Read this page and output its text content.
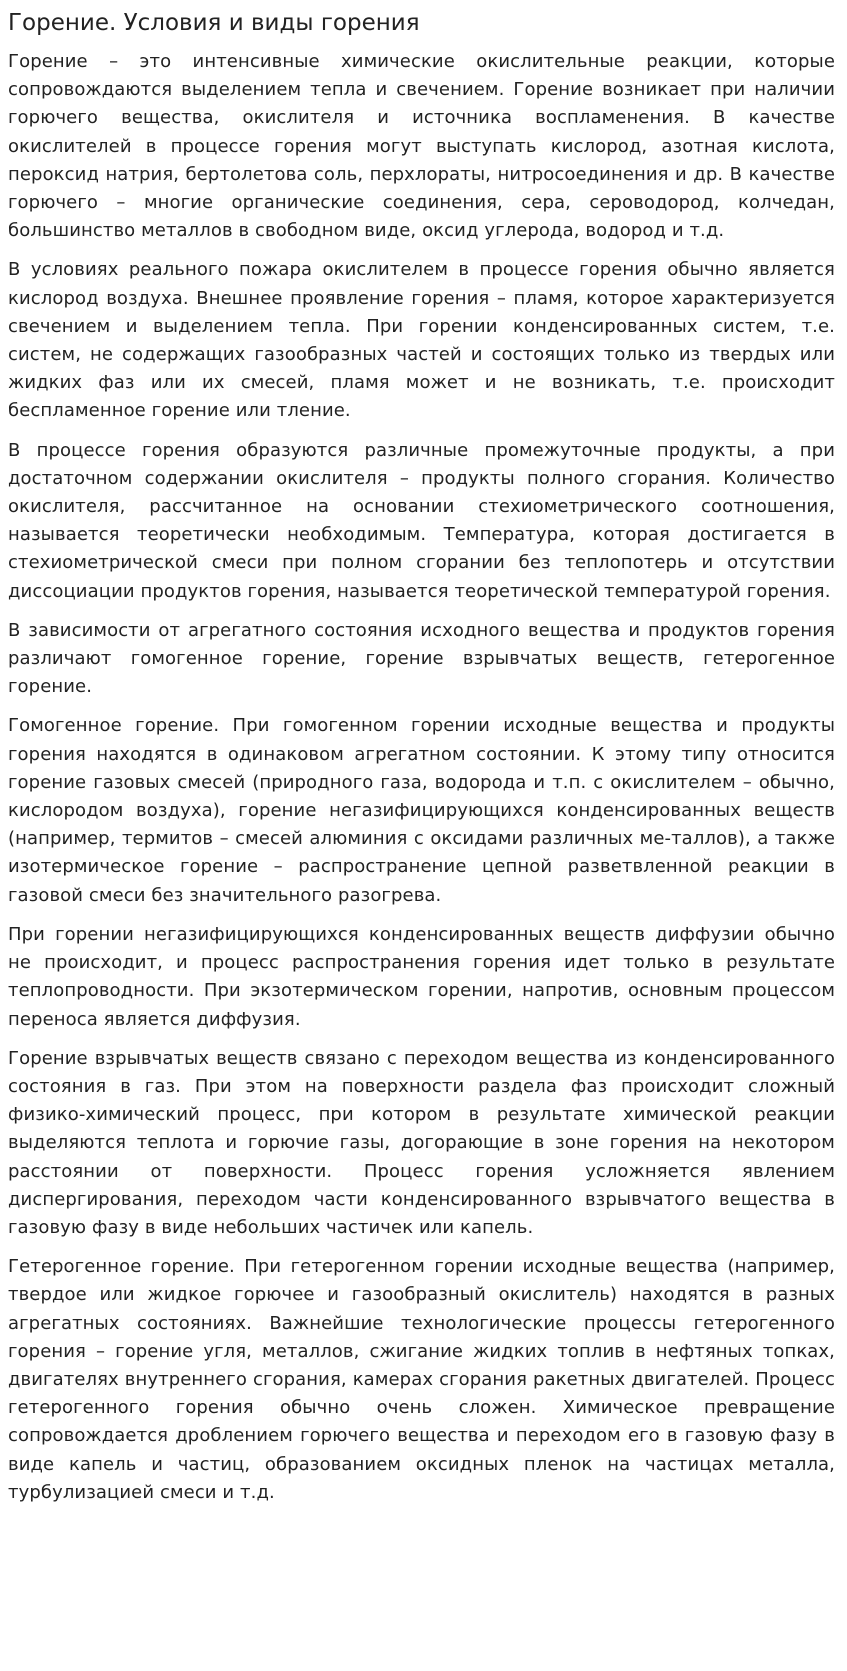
Горение. Условия и виды горения

Горение – это интенсивные химические окислительные реакции, которые сопровождаются выделением тепла и свечением. Горение возникает при наличии горючего вещества, окислителя и источника воспламенения. В качестве окислителей в процессе горения могут выступать кислород, азотная кислота, пероксид натрия, бертолетова соль, перхлораты, нитросоединения и др. В качестве горючего – многие органические соединения, сера, сероводород, колчедан, большинство металлов в свободном виде, оксид углерода, водород и т.д.

В условиях реального пожара окислителем в процессе горения обычно является кислород воздуха. Внешнее проявление горения – пламя, которое характеризуется свечением и выделением тепла. При горении конденсированных систем, т.е. систем, не содержащих газообразных частей и состоящих только из твердых или жидких фаз или их смесей, пламя может и не возникать, т.е. происходит беспламенное горение или тление.

В процессе горения образуются различные промежуточные продукты, а при достаточном содержании окислителя – продукты полного сгорания. Количество окислителя, рассчитанное на основании стехиометрического соотношения, называется теоретически необходимым. Температура, которая достигается в стехиометрической смеси при полном сгорании без теплопотерь и отсутствии диссоциации продуктов горения, называется теоретической температурой горения.

В зависимости от агрегатного состояния исходного вещества и продуктов горения различают гомогенное горение, горение взрывчатых веществ, гетерогенное горение.

Гомогенное горение. При гомогенном горении исходные вещества и продукты горения находятся в одинаковом агрегатном состоянии. К этому типу относится горение газовых смесей (природного газа, водорода и т.п. с окислителем – обычно, кислородом воздуха), горение негазифицирующихся конденсированных веществ (например, термитов – смесей алюминия с оксидами различных ме-таллов), а также изотермическое горение – распространение цепной разветвленной реакции в газовой смеси без значительного разогрева.

При горении негазифицирующихся конденсированных веществ диффузии обычно не происходит, и процесс распространения горения идет только в результате теплопроводности. При экзотермическом горении, напротив, основным процессом переноса является диффузия.

Горение взрывчатых веществ связано с переходом вещества из конденсированного состояния в газ. При этом на поверхности раздела фаз происходит сложный физико-химический процесс, при котором в результате химической реакции выделяются теплота и горючие газы, догорающие в зоне горения на некотором расстоянии от поверхности. Процесс горения усложняется явлением диспергирования, переходом части конденсированного взрывчатого вещества в газовую фазу в виде небольших частичек или капель.

Гетерогенное горение. При гетерогенном горении исходные вещества (например, твердое или жидкое горючее и газообразный окислитель) находятся в разных агрегатных состояниях. Важнейшие технологические процессы гетерогенного горения – горение угля, металлов, сжигание жидких топлив в нефтяных топках, двигателях внутреннего сгорания, камерах сгорания ракетных двигателей. Процесс гетерогенного горения обычно очень сложен. Химическое превращение сопровождается дроблением горючего вещества и переходом его в газовую фазу в виде капель и частиц, образованием оксидных пленок на частицах металла, турбулизацией смеси и т.д.
